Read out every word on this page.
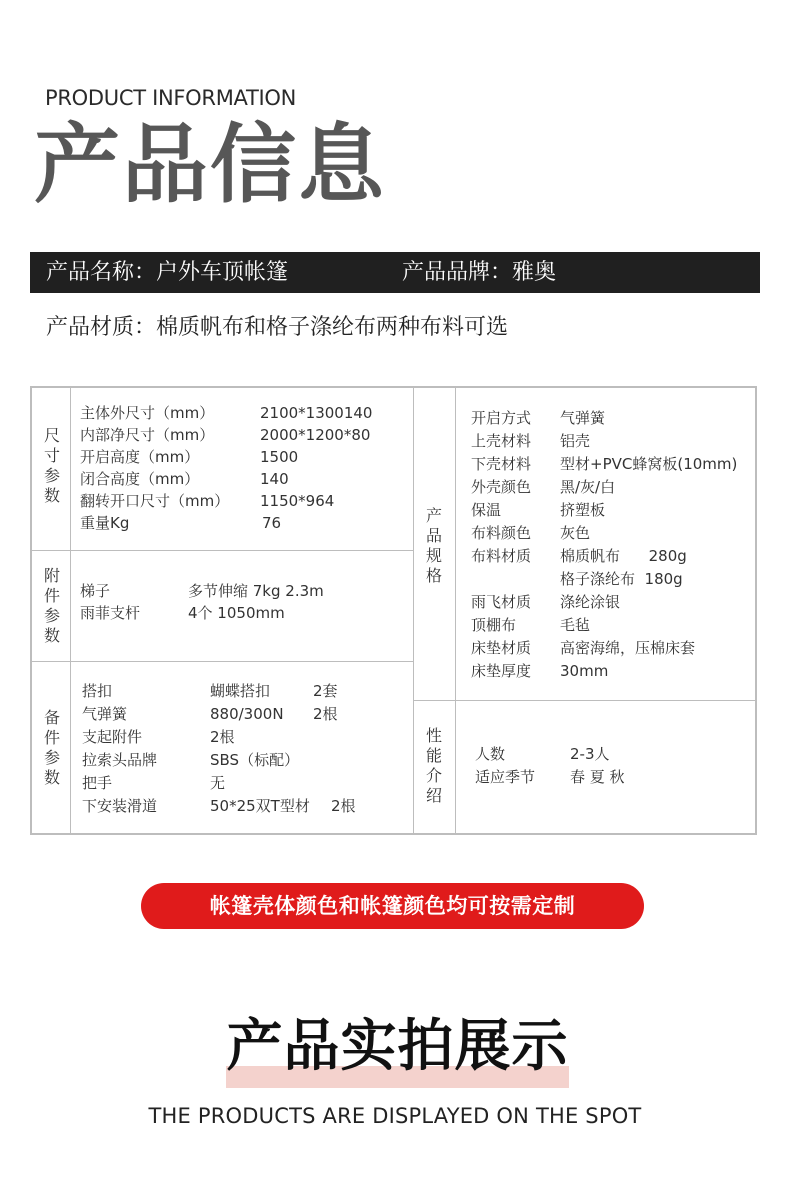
PRODUCT INFORMATION
产品信息
产品名称：户外车顶帐篷	产品品牌：雅奥
产品材质：棉质帆布和格子涤纶布两种布料可选
尺
寸
参
数
主体外尺寸（mm）	2100*1300140
内部净尺寸（mm）	2000*1200*80
开启高度（mm）	1500
闭合高度（mm）	140
翻转开口尺寸（mm） 1150*964
重量Kg	76
附
件
参
数
梯子	多节伸缩 7kg 2.3m
雨菲支杆	4个 1050mm
备
件
参
数
搭扣	蝴蝶搭扣	2套
气弹簧	880/300N 2根
支起附件	2根
拉索头品牌	SBS（标配）
把手	无
下安装滑道	50*25双T型材 2根
产
品
规
格
开启方式 气弹簧
上壳材料 铝壳
下壳材料 型材+PVC蜂窝板(10mm)
外壳颜色 黑/灰/白
保温	挤塑板
布料颜色 灰色
布料材质 棉质帆布      280g
格子涤纶布  180g
雨飞材质 涤纶涂银
顶棚布	毛毡
床垫材质 高密海绵，压棉床套
床垫厚度 30mm
性
能
介
绍
人数	2-3人
适应季节 春 夏 秋
帐篷壳体颜色和帐篷颜色均可按需定制
产品实拍展示
THE PRODUCTS ARE DISPLAYED ON THE SPOT
